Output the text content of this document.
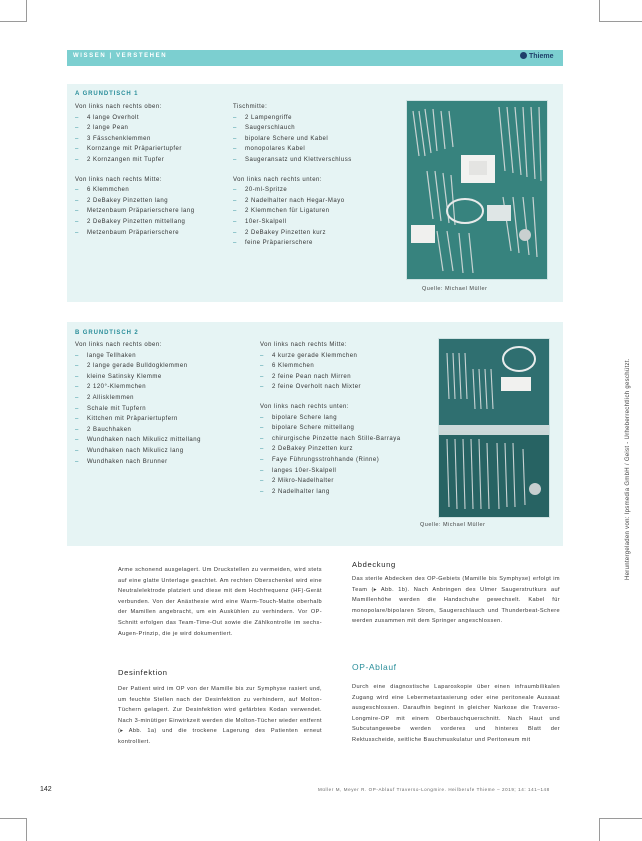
WISSEN | VERSTEHEN	Thieme
A GRUNDTISCH 1

Von links nach rechts oben:

– 4 lange Overholt
– 2 lange Pean
– 3 Fässchenklemmen
– Kornzange mit Präpariertupfer
– 2 Kornzangen mit Tupfer

Von links nach rechts Mitte:

– 6 Klemmchen
– 2 DeBakey Pinzetten lang
– Metzenbaum Präparierschere lang
– 2 DeBakey Pinzetten mittellang
– Metzenbaum Präparierschere

Tischmitte:

– 2 Lampengriffe
– Saugerschlauch
– bipolare Schere und Kabel
– monopolares Kabel
– Saugeransatz und Klettverschluss

Von links nach rechts unten:

– 20-ml-Spritze
– 2 Nadelhalter nach Hegar-Mayo
– 2 Klemmchen für Ligaturen
– 10er-Skalpell
– 2 DeBakey Pinzetten kurz
– feine Präparierschere
Quelle: Michael Müller
B GRUNDTISCH 2

Von links nach rechts oben:

– lange Tellhaken
– 2 lange gerade Bulldogklemmen
– kleine Satinsky Klemme
– 2 120°-Klemmchen
– 2 Allisklemmen
– Schale mit Tupfern
– Kittchen mit Präpariertupfern
– 2 Bauchhaken
– Wundhaken nach Mikulicz mittellang
– Wundhaken nach Mikulicz lang
– Wundhaken nach Brunner

Von links nach rechts Mitte:

– 4 kurze gerade Klemmchen
– 6 Klemmchen
– 2 feine Pean nach Mirren
– 2 feine Overholt nach Mixter

Von links nach rechts unten:

– bipolare Schere lang
– bipolare Schere mittellang
– chirurgische Pinzette nach Stille-Barraya
– 2 DeBakey Pinzetten kurz
– Faye Führungsstrohhande (Rinne)
– langes 10er-Skalpell
– 2 Mikro-Nadelhalter
– 2 Nadelhalter lang
Quelle: Michael Müller
Arme schonend ausgelagert. Um Druckstellen zu vermeiden, wird stets auf eine glatte Unterlage geachtet. Am rechten Oberschenkel wird eine Neutralelektrode platziert und diese mit dem Hochfrequenz (HF)-Gerät verbunden. Von der Anästhesie wird eine Warm-Touch-Matte oberhalb der Mamillen angebracht, um ein Auskühlen zu verhindern. Vor OP-Schnitt erfolgen das Team-Time-Out sowie die Zählkontrolle im sechs-Augen-Prinzip, die je wird dokumentiert.
Desinfektion
Der Patient wird im OP von der Mamille bis zur Symphyse rasiert und, um feuchte Stellen nach der Desinfektion zu verhindern, auf Molton-Tüchern gelagert. Zur Desinfektion wird gefärbtes Kodan verwendet. Nach 3-minütiger Einwirkzeit werden die Molton-Tücher wieder entfernt (▸ Abb. 1a) und die trockene Lagerung des Patienten erneut kontrolliert.
Abdeckung
Das sterile Abdecken des OP-Gebiets (Mamille bis Symphyse) erfolgt im Team (▸ Abb. 1b). Nach Anbringen des Ulmer Saugerstrutkurs auf Mamillenhöhe werden die Handschuhe gewechselt. Kabel für monopolare/bipolaren Strom, Saugerschlauch und Thunderbeat-Schere werden zusammen mit dem Springer angeschlossen.
OP-Ablauf
Durch eine diagnostische Laparoskopie über einen infraumbilikalen Zugang wird eine Lebermetastasierung oder eine peritoneale Aussaat ausgeschlossen. Daraufhin beginnt in gleicher Narkose die Traverso-Longmire-OP mit einem Oberbauchquerschnitt. Nach Haut und Subcutangewebe werden vorderes und hinteres Blatt der Rektusscheide, seitliche Bauchmuskulatur und Peritoneum mit
Heruntergeladen von: Ipsmedia GmbH / Geist - Urheberrechtlich geschützt.
142	Müller M, Meyer R. OP-Ablauf Traverso-Longmire. Heilberufe Thieme – 2019; 14: 141–148
